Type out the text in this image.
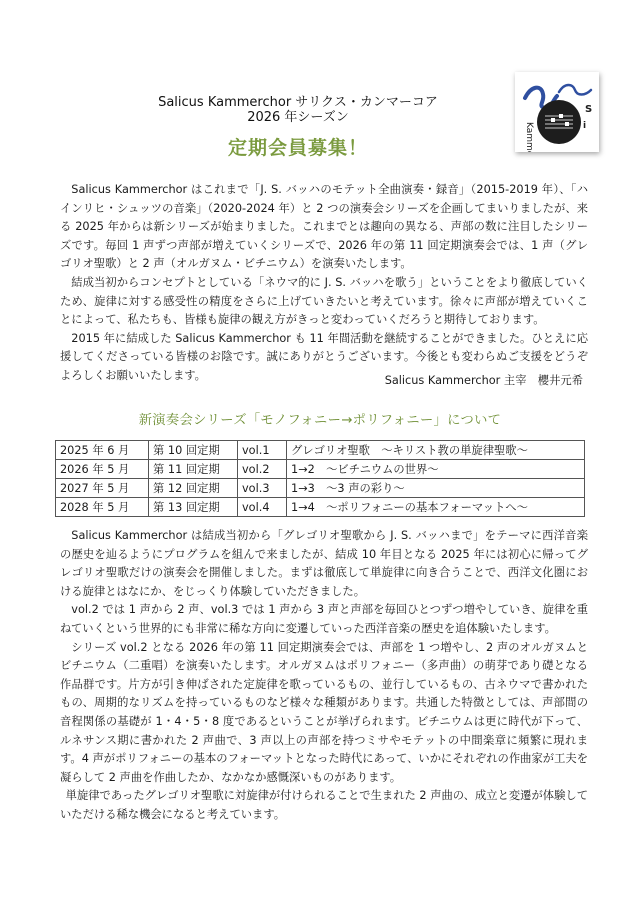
Salicus Kammerchor サリクス・カンマーコア
2026 年シーズン
定期会員募集！	Kammer
S
i

Salicus Kammerchor はこれまで「J. S. バッハのモテット全曲演奏・録音」（2015-2019 年）、「ハインリヒ・シュッツの音楽」（2020-2024 年）と 2 つの演奏会シリーズを企画してまいりましたが、来る 2025 年からは新シリーズが始まりました。これまでとは趣向の異なる、声部の数に注目したシリーズです。毎回 1 声ずつ声部が増えていくシリーズで、2026 年の第 11 回定期演奏会では、1 声（グレゴリオ聖歌）と 2 声（オルガヌム・ビチニウム）を演奏いたします。

結成当初からコンセプトとしている「ネウマ的に J. S. バッハを歌う」ということをより徹底していくため、旋律に対する感受性の精度をさらに上げていきたいと考えています。徐々に声部が増えていくことによって、私たちも、皆様も旋律の観え方がきっと変わっていくだろうと期待しております。

2015 年に結成した Salicus Kammerchor も 11 年間活動を継続することができました。ひとえに応援してくださっている皆様のお陰です。誠にありがとうございます。今後とも変わらぬご支援をどうぞよろしくお願いいたします。	Salicus Kammerchor 主宰　櫻井元希
新演奏会シリーズ「モノフォニー→ポリフォニー」について
2025 年 6 月	第 10 回定期	vol.1	グレゴリオ聖歌　～キリスト教の単旋律聖歌～
2026 年 5 月	第 11 回定期	vol.2	1→2　～ビチニウムの世界～
2027 年 5 月	第 12 回定期	vol.3	1→3　～3 声の彩り～
2028 年 5 月	第 13 回定期	vol.4	1→4　～ポリフォニーの基本フォーマットへ～

Salicus Kammerchor は結成当初から「グレゴリオ聖歌から J. S. バッハまで」をテーマに西洋音楽の歴史を辿るようにプログラムを組んで来ましたが、結成 10 年目となる 2025 年には初心に帰ってグレゴリオ聖歌だけの演奏会を開催しました。まずは徹底して単旋律に向き合うことで、西洋文化圏における旋律とはなにか、をじっくり体験していただきました。

vol.2 では 1 声から 2 声、vol.3 では 1 声から 3 声と声部を毎回ひとつずつ増やしていき、旋律を重ねていくという世界的にも非常に稀な方向に変遷していった西洋音楽の歴史を追体験いたします。

シリーズ vol.2 となる 2026 年の第 11 回定期演奏会では、声部を 1 つ増やし、2 声のオルガヌムとビチニウム（二重唱）を演奏いたします。オルガヌムはポリフォニー（多声曲）の萌芽であり礎となる作品群です。片方が引き伸ばされた定旋律を歌っているもの、並行しているもの、古ネウマで書かれたもの、周期的なリズムを持っているものなど様々な種類があります。共通した特徴としては、声部間の音程関係の基礎が 1・4・5・8 度であるということが挙げられます。ビチニウムは更に時代が下って、ルネサンス期に書かれた 2 声曲で、3 声以上の声部を持つミサやモテットの中間楽章に頻繁に現れます。4 声がポリフォニーの基本のフォーマットとなった時代にあって、いかにそれぞれの作曲家が工夫を凝らして 2 声曲を作曲したか、なかなか感慨深いものがあります。

単旋律であったグレゴリオ聖歌に対旋律が付けられることで生まれた 2 声曲の、成立と変遷が体験していただける稀な機会になると考えています。
